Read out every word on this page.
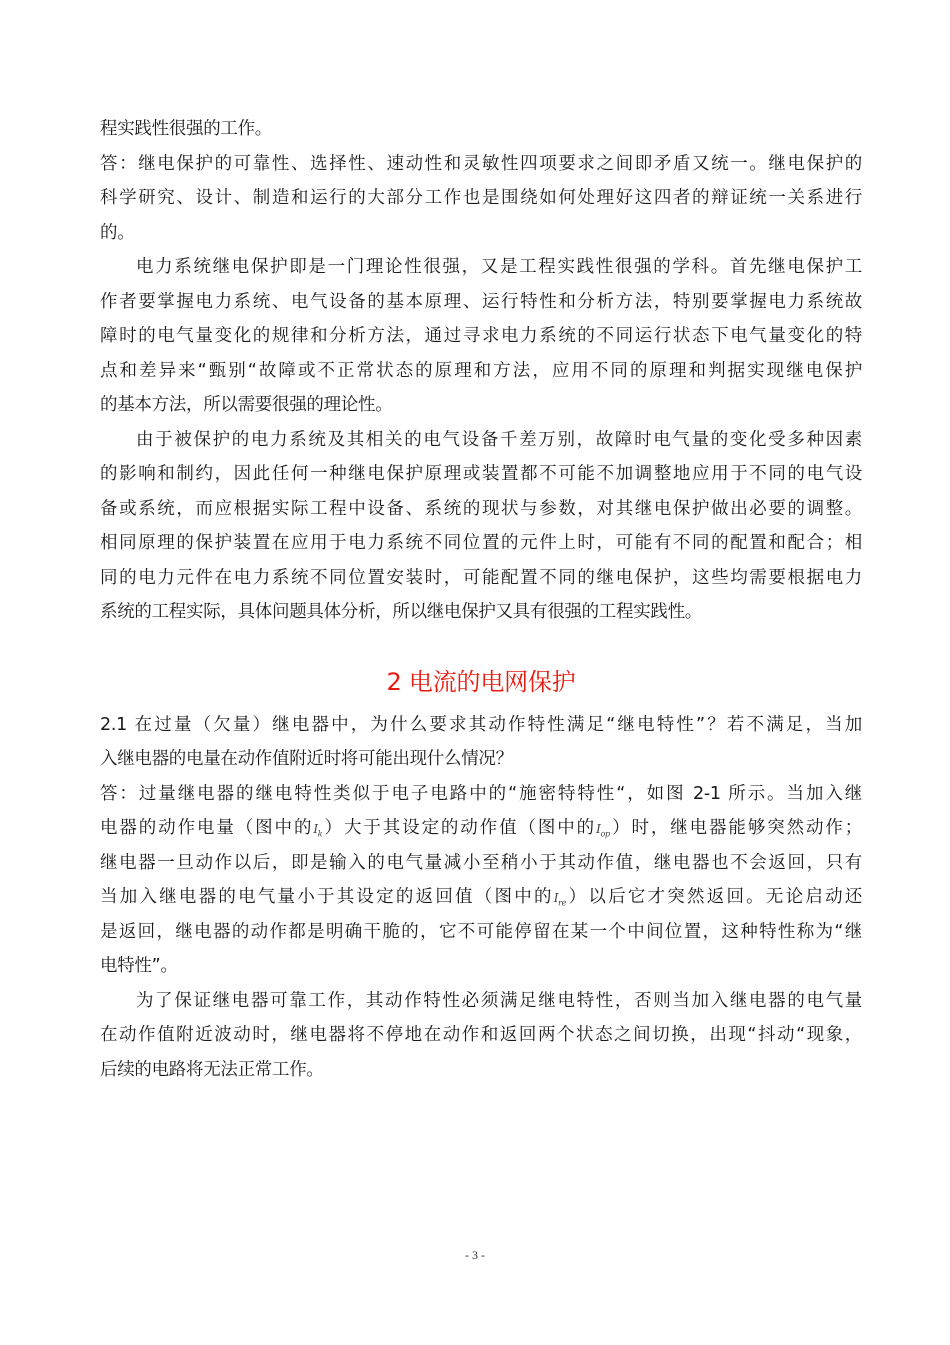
程实践性很强的工作。
答：继电保护的可靠性、选择性、速动性和灵敏性四项要求之间即矛盾又统一。继电保护的
科学研究、设计、制造和运行的大部分工作也是围绕如何处理好这四者的辩证统一关系进行
的。
电力系统继电保护即是一门理论性很强，又是工程实践性很强的学科。首先继电保护工
作者要掌握电力系统、电气设备的基本原理、运行特性和分析方法，特别要掌握电力系统故
障时的电气量变化的规律和分析方法，通过寻求电力系统的不同运行状态下电气量变化的特
点和差异来“甄别“故障或不正常状态的原理和方法，应用不同的原理和判据实现继电保护
的基本方法，所以需要很强的理论性。
由于被保护的电力系统及其相关的电气设备千差万别，故障时电气量的变化受多种因素
的影响和制约，因此任何一种继电保护原理或装置都不可能不加调整地应用于不同的电气设
备或系统，而应根据实际工程中设备、系统的现状与参数，对其继电保护做出必要的调整。
相同原理的保护装置在应用于电力系统不同位置的元件上时，可能有不同的配置和配合；相
同的电力元件在电力系统不同位置安装时，可能配置不同的继电保护，这些均需要根据电力
系统的工程实际，具体问题具体分析，所以继电保护又具有很强的工程实践性。
2 电流的电网保护
2.1 在过量（欠量）继电器中，为什么要求其动作特性满足“继电特性”？若不满足，当加
入继电器的电量在动作值附近时将可能出现什么情况？
答：过量继电器的继电特性类似于电子电路中的“施密特特性“，如图 2-1 所示。当加入继
电器的动作电量（图中的$I_k$）大于其设定的动作值（图中的$I_{op}$）时，继电器能够突然动作；
继电器一旦动作以后，即是输入的电气量减小至稍小于其动作值，继电器也不会返回，只有
当加入继电器的电气量小于其设定的返回值（图中的$I_{re}$）以后它才突然返回。无论启动还
是返回，继电器的动作都是明确干脆的，它不可能停留在某一个中间位置，这种特性称为“继
电特性”。
为了保证继电器可靠工作，其动作特性必须满足继电特性，否则当加入继电器的电气量
在动作值附近波动时，继电器将不停地在动作和返回两个状态之间切换，出现“抖动“现象，
后续的电路将无法正常工作。
- 3 -
